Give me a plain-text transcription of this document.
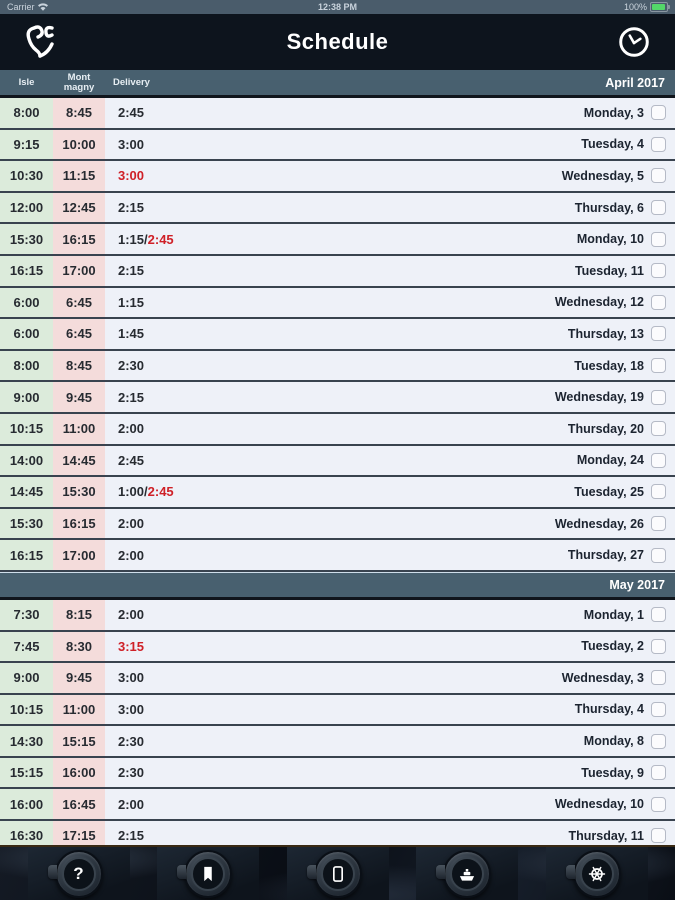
Carrier	12:38 PM	100%
Schedule
Isle	Mont magny	Delivery	April 2017
8:00	8:45	2:45	Monday, 3
9:15	10:00	3:00	Tuesday, 4
10:30	11:15	3:00	Wednesday, 5
12:00	12:45	2:15	Thursday, 6
15:30	16:15	1:15/ 2:45	Monday, 10
16:15	17:00	2:15	Tuesday, 11
6:00	6:45	1:15	Wednesday, 12
6:00	6:45	1:45	Thursday, 13
8:00	8:45	2:30	Tuesday, 18
9:00	9:45	2:15	Wednesday, 19
10:15	11:00	2:00	Thursday, 20
14:00	14:45	2:45	Monday, 24
14:45	15:30	1:00/ 2:45	Tuesday, 25
15:30	16:15	2:00	Wednesday, 26
16:15	17:00	2:00	Thursday, 27
May 2017
7:30	8:15	2:00	Monday, 1
7:45	8:30	3:15	Tuesday, 2
9:00	9:45	3:00	Wednesday, 3
10:15	11:00	3:00	Thursday, 4
14:30	15:15	2:30	Monday, 8
15:15	16:00	2:30	Tuesday, 9
16:00	16:45	2:00	Wednesday, 10
16:30	17:15	2:15	Thursday, 11
?
